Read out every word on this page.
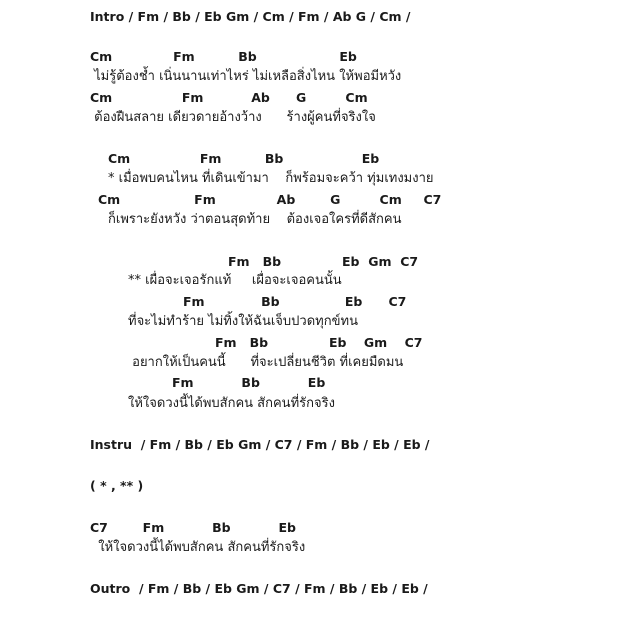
Intro / Fm / Bb / Eb Gm / Cm / Fm / Ab G / Cm /
Cm              Fm          Bb                   Eb
ไม่รู้ต้องช้ำ เนิ่นนานเท่าไหร่ ไม่เหลือสิ่งไหน ให้พอมีหวัง
Cm                Fm           Ab      G         Cm
ต้องฝืนสลาย เดียวดายอ้างว้าง      ร้างผู้คนที่จริงใจ
Cm                Fm          Bb                  Eb
* เมื่อพบคนไหน ที่เดินเข้ามา    ก็พร้อมจะคว้า ทุ่มเทงมงาย
Cm                 Fm              Ab        G         Cm     C7
ก็เพราะยังหวัง ว่าตอนสุดท้าย    ต้องเจอใครที่ดีสักคน
Fm   Bb              Eb  Gm  C7
** เผื่อจะเจอรักแท้     เผื่อจะเจอคนนั้น
Fm             Bb               Eb      C7
ที่จะไม่ทำร้าย ไม่ทิ้งให้ฉันเจ็บปวดทุกข์ทน
Fm   Bb              Eb    Gm    C7
อยากให้เป็นคนนี้      ที่จะเปลี่ยนชีวิต ที่เคยมืดมน
Fm           Bb           Eb
ให้ใจดวงนี้ได้พบสักคน สักคนที่รักจริง
Instru  / Fm / Bb / Eb Gm / C7 / Fm / Bb / Eb / Eb /
( * , ** )
C7        Fm           Bb           Eb
ให้ใจดวงนี้ได้พบสักคน สักคนที่รักจริง
Outro  / Fm / Bb / Eb Gm / C7 / Fm / Bb / Eb / Eb /
